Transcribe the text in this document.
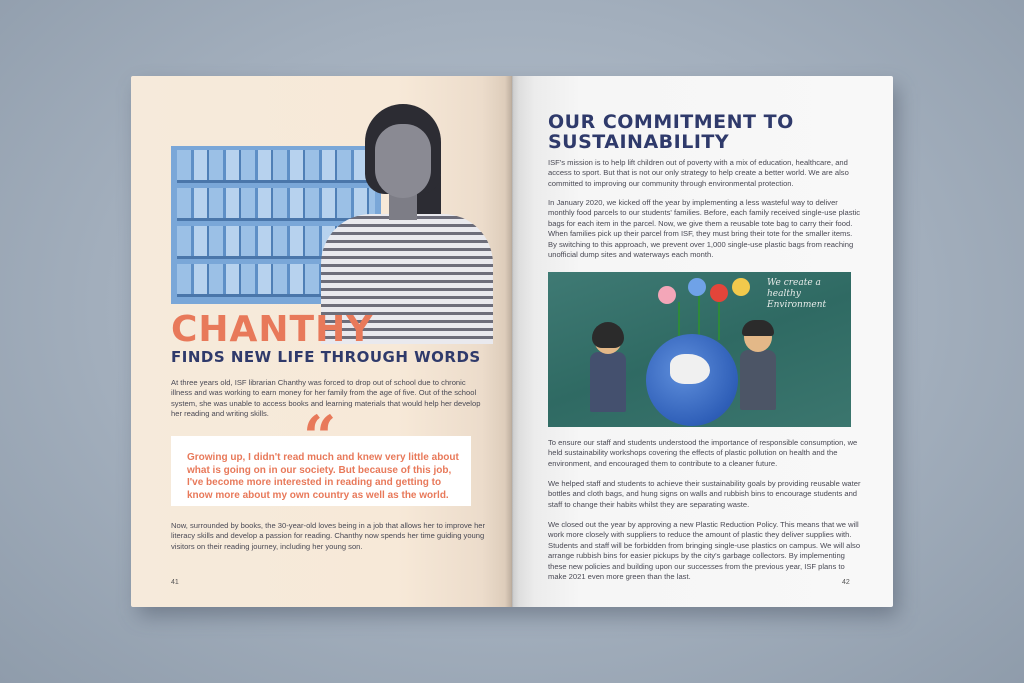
CHANTHY
FINDS NEW LIFE THROUGH WORDS

At three years old, ISF librarian Chanthy was forced to drop out of school due to chronic illness and was working to earn money for her family from the age of five. Out of the school system, she was unable to access books and learning materials that would help her develop her reading and writing skills. “

Growing up, I didn't read much and knew very little about what is going on in our society. But because of this job, I've become more interested in reading and getting to know more about my own country as well as the world.

Now, surrounded by books, the 30-year-old loves being in a job that allows her to improve her literacy skills and develop a passion for reading. Chanthy now spends her time guiding young visitors on their reading journey, including her young son.

41
OUR COMMITMENT TO SUSTAINABILITY

ISF's mission is to help lift children out of poverty with a mix of education, healthcare, and access to sport. But that is not our only strategy to help create a better world. We are also committed to improving our community through environmental protection.

In January 2020, we kicked off the year by implementing a less wasteful way to deliver monthly food parcels to our students' families. Before, each family received single-use plastic bags for each item in the parcel. Now, we give them a reusable tote bag to carry their food. When families pick up their parcel from ISF, they must bring their tote for the smaller items. By switching to this approach, we prevent over 1,000 single-use plastic bags from reaching unofficial dump sites and waterways each month.

We create a healthy Environment

To ensure our staff and students understood the importance of responsible consumption, we held sustainability workshops covering the effects of plastic pollution on health and the environment, and encouraged them to contribute to a cleaner future.

We helped staff and students to achieve their sustainability goals by providing reusable water bottles and cloth bags, and hung signs on walls and rubbish bins to encourage students and staff to change their habits whilst they are separating waste.

We closed out the year by approving a new Plastic Reduction Policy. This means that we will work more closely with suppliers to reduce the amount of plastic they deliver supplies with. Students and staff will be forbidden from bringing single-use plastics on campus. We will also arrange rubbish bins for easier pickups by the city's garbage collectors. By implementing these new policies and building upon our successes from the previous year, ISF plans to make 2021 even more green than the last.

42
